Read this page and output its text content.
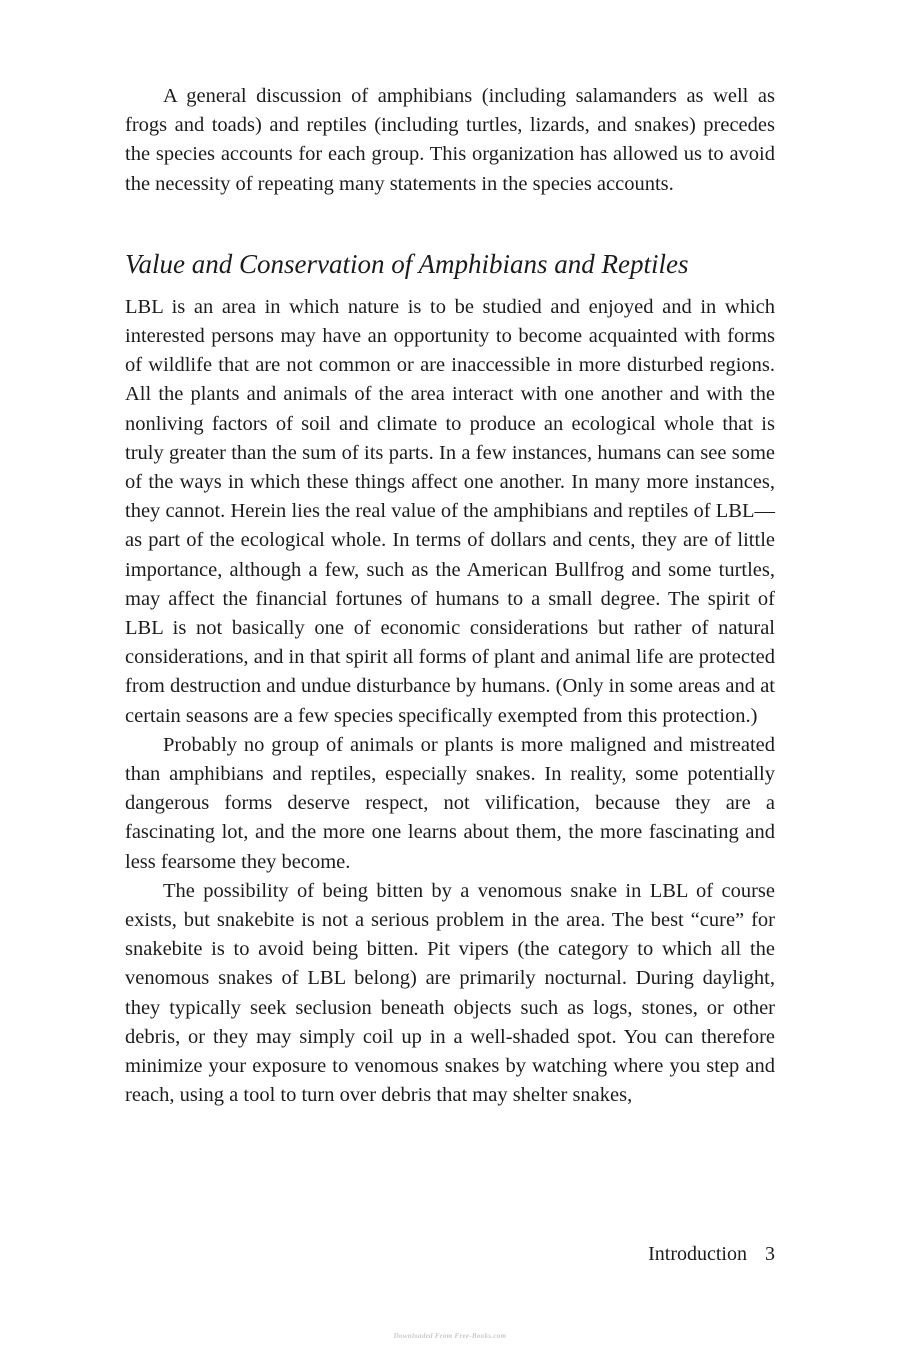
A general discussion of amphibians (including salamanders as well as frogs and toads) and reptiles (including turtles, lizards, and snakes) precedes the species accounts for each group. This organization has allowed us to avoid the necessity of repeating many statements in the species accounts.

Value and Conservation of Amphibians and Reptiles

LBL is an area in which nature is to be studied and enjoyed and in which interested persons may have an opportunity to become acquainted with forms of wildlife that are not common or are inaccessible in more disturbed regions. All the plants and animals of the area interact with one another and with the nonliving factors of soil and climate to produce an ecological whole that is truly greater than the sum of its parts. In a few instances, humans can see some of the ways in which these things affect one another. In many more instances, they cannot. Herein lies the real value of the amphibians and reptiles of LBL—as part of the ecological whole. In terms of dollars and cents, they are of little importance, although a few, such as the American Bullfrog and some turtles, may affect the financial fortunes of humans to a small degree. The spirit of LBL is not basically one of economic considerations but rather of natural considerations, and in that spirit all forms of plant and animal life are protected from destruction and undue disturbance by humans. (Only in some areas and at certain seasons are a few species specifically exempted from this protection.)

Probably no group of animals or plants is more maligned and mistreated than amphibians and reptiles, especially snakes. In reality, some potentially dangerous forms deserve respect, not vilification, because they are a fascinating lot, and the more one learns about them, the more fascinating and less fearsome they become.

The possibility of being bitten by a venomous snake in LBL of course exists, but snakebite is not a serious problem in the area. The best “cure” for snakebite is to avoid being bitten. Pit vipers (the category to which all the venomous snakes of LBL belong) are primarily nocturnal. During daylight, they typically seek seclusion beneath objects such as logs, stones, or other debris, or they may simply coil up in a well-shaded spot. You can therefore minimize your exposure to venomous snakes by watching where you step and reach, using a tool to turn over debris that may shelter snakes,

Introduction 3
Downloaded From Free-Books.com
